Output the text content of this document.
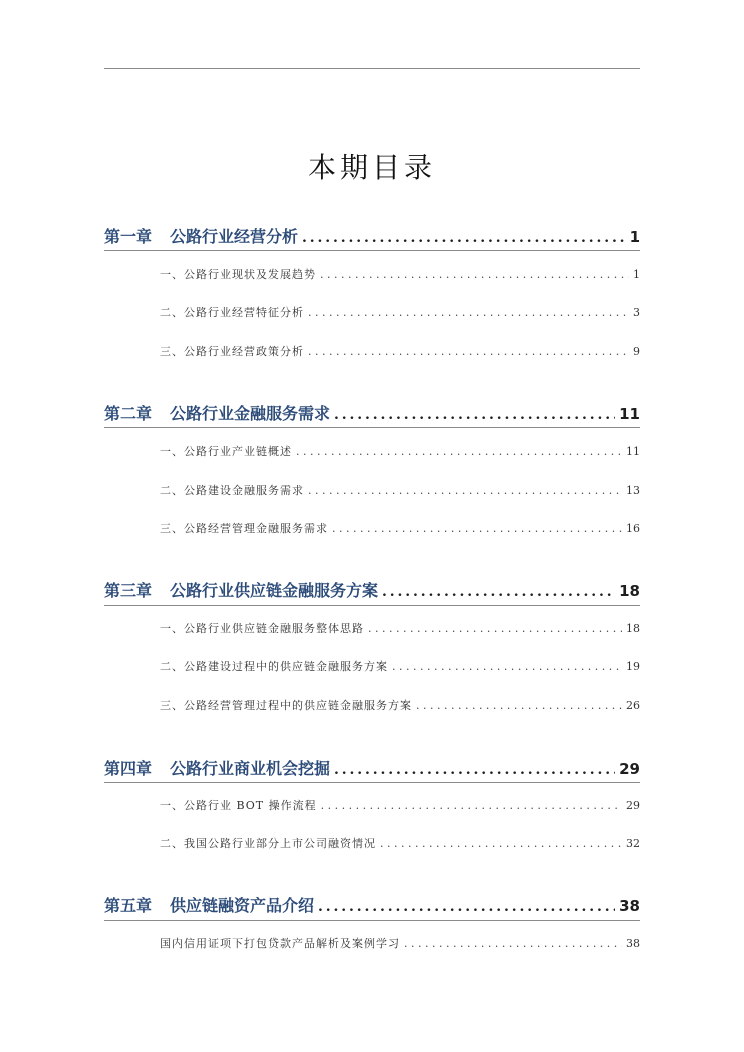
本期目录
第一章	公路行业经营分析 . . .	1
一、公路行业现状及发展趋势 . . .	1
二、公路行业经营特征分析 . . .	3
三、公路行业经营政策分析 . . .	9
第二章	公路行业金融服务需求 . . .	11
一、公路行业产业链概述 . . .	11
二、公路建设金融服务需求 . . .	13
三、公路经营管理金融服务需求 . . .	16
第三章	公路行业供应链金融服务方案 . . .	18
一、公路行业供应链金融服务整体思路 . . .	18
二、公路建设过程中的供应链金融服务方案 . . .	19
三、公路经营管理过程中的供应链金融服务方案 . . .	26
第四章	公路行业商业机会挖掘 . . .	29
一、公路行业 BOT 操作流程 . . .	29
二、我国公路行业部分上市公司融资情况 . . .	32
第五章	供应链融资产品介绍 . . .	38
国内信用证项下打包贷款产品解析及案例学习 . . .	38
